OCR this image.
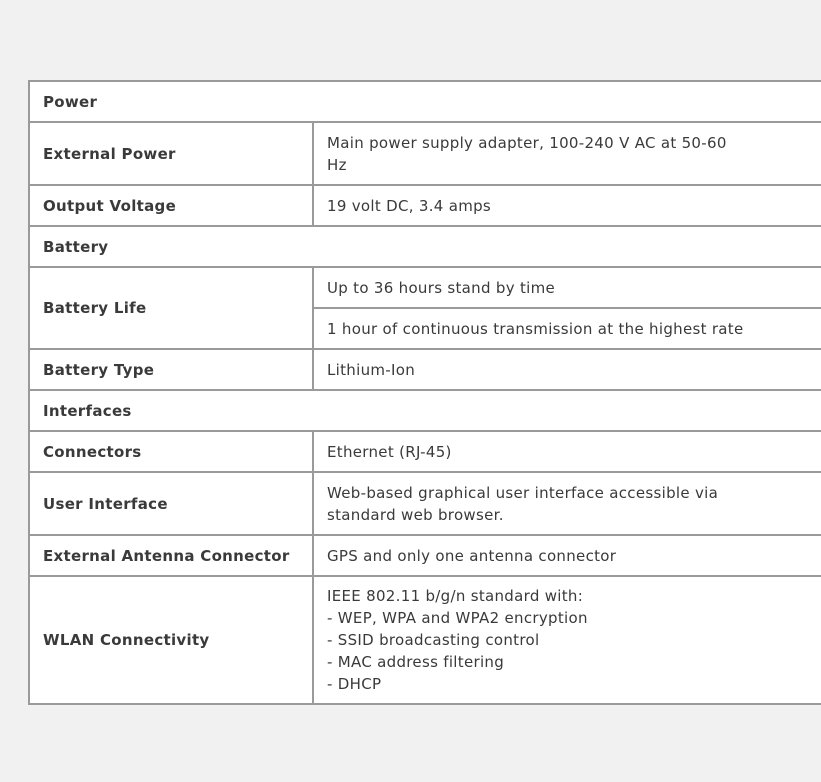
Power	
External Power	Main power supply adapter, 100-240 V AC at 50-60
Hz
Output Voltage	19 volt DC, 3.4 amps
Battery	
Battery Life	Up to 36 hours stand by time
	1 hour of continuous transmission at the highest rate
Battery Type	Lithium-Ion
Interfaces	
Connectors	Ethernet (RJ-45)
User Interface	Web-based graphical user interface accessible via
standard web browser.
External Antenna Connector	GPS and only one antenna connector
WLAN Connectivity	IEEE 802.11 b/g/n standard with:
- WEP, WPA and WPA2 encryption
- SSID broadcasting control
- MAC address filtering
- DHCP
